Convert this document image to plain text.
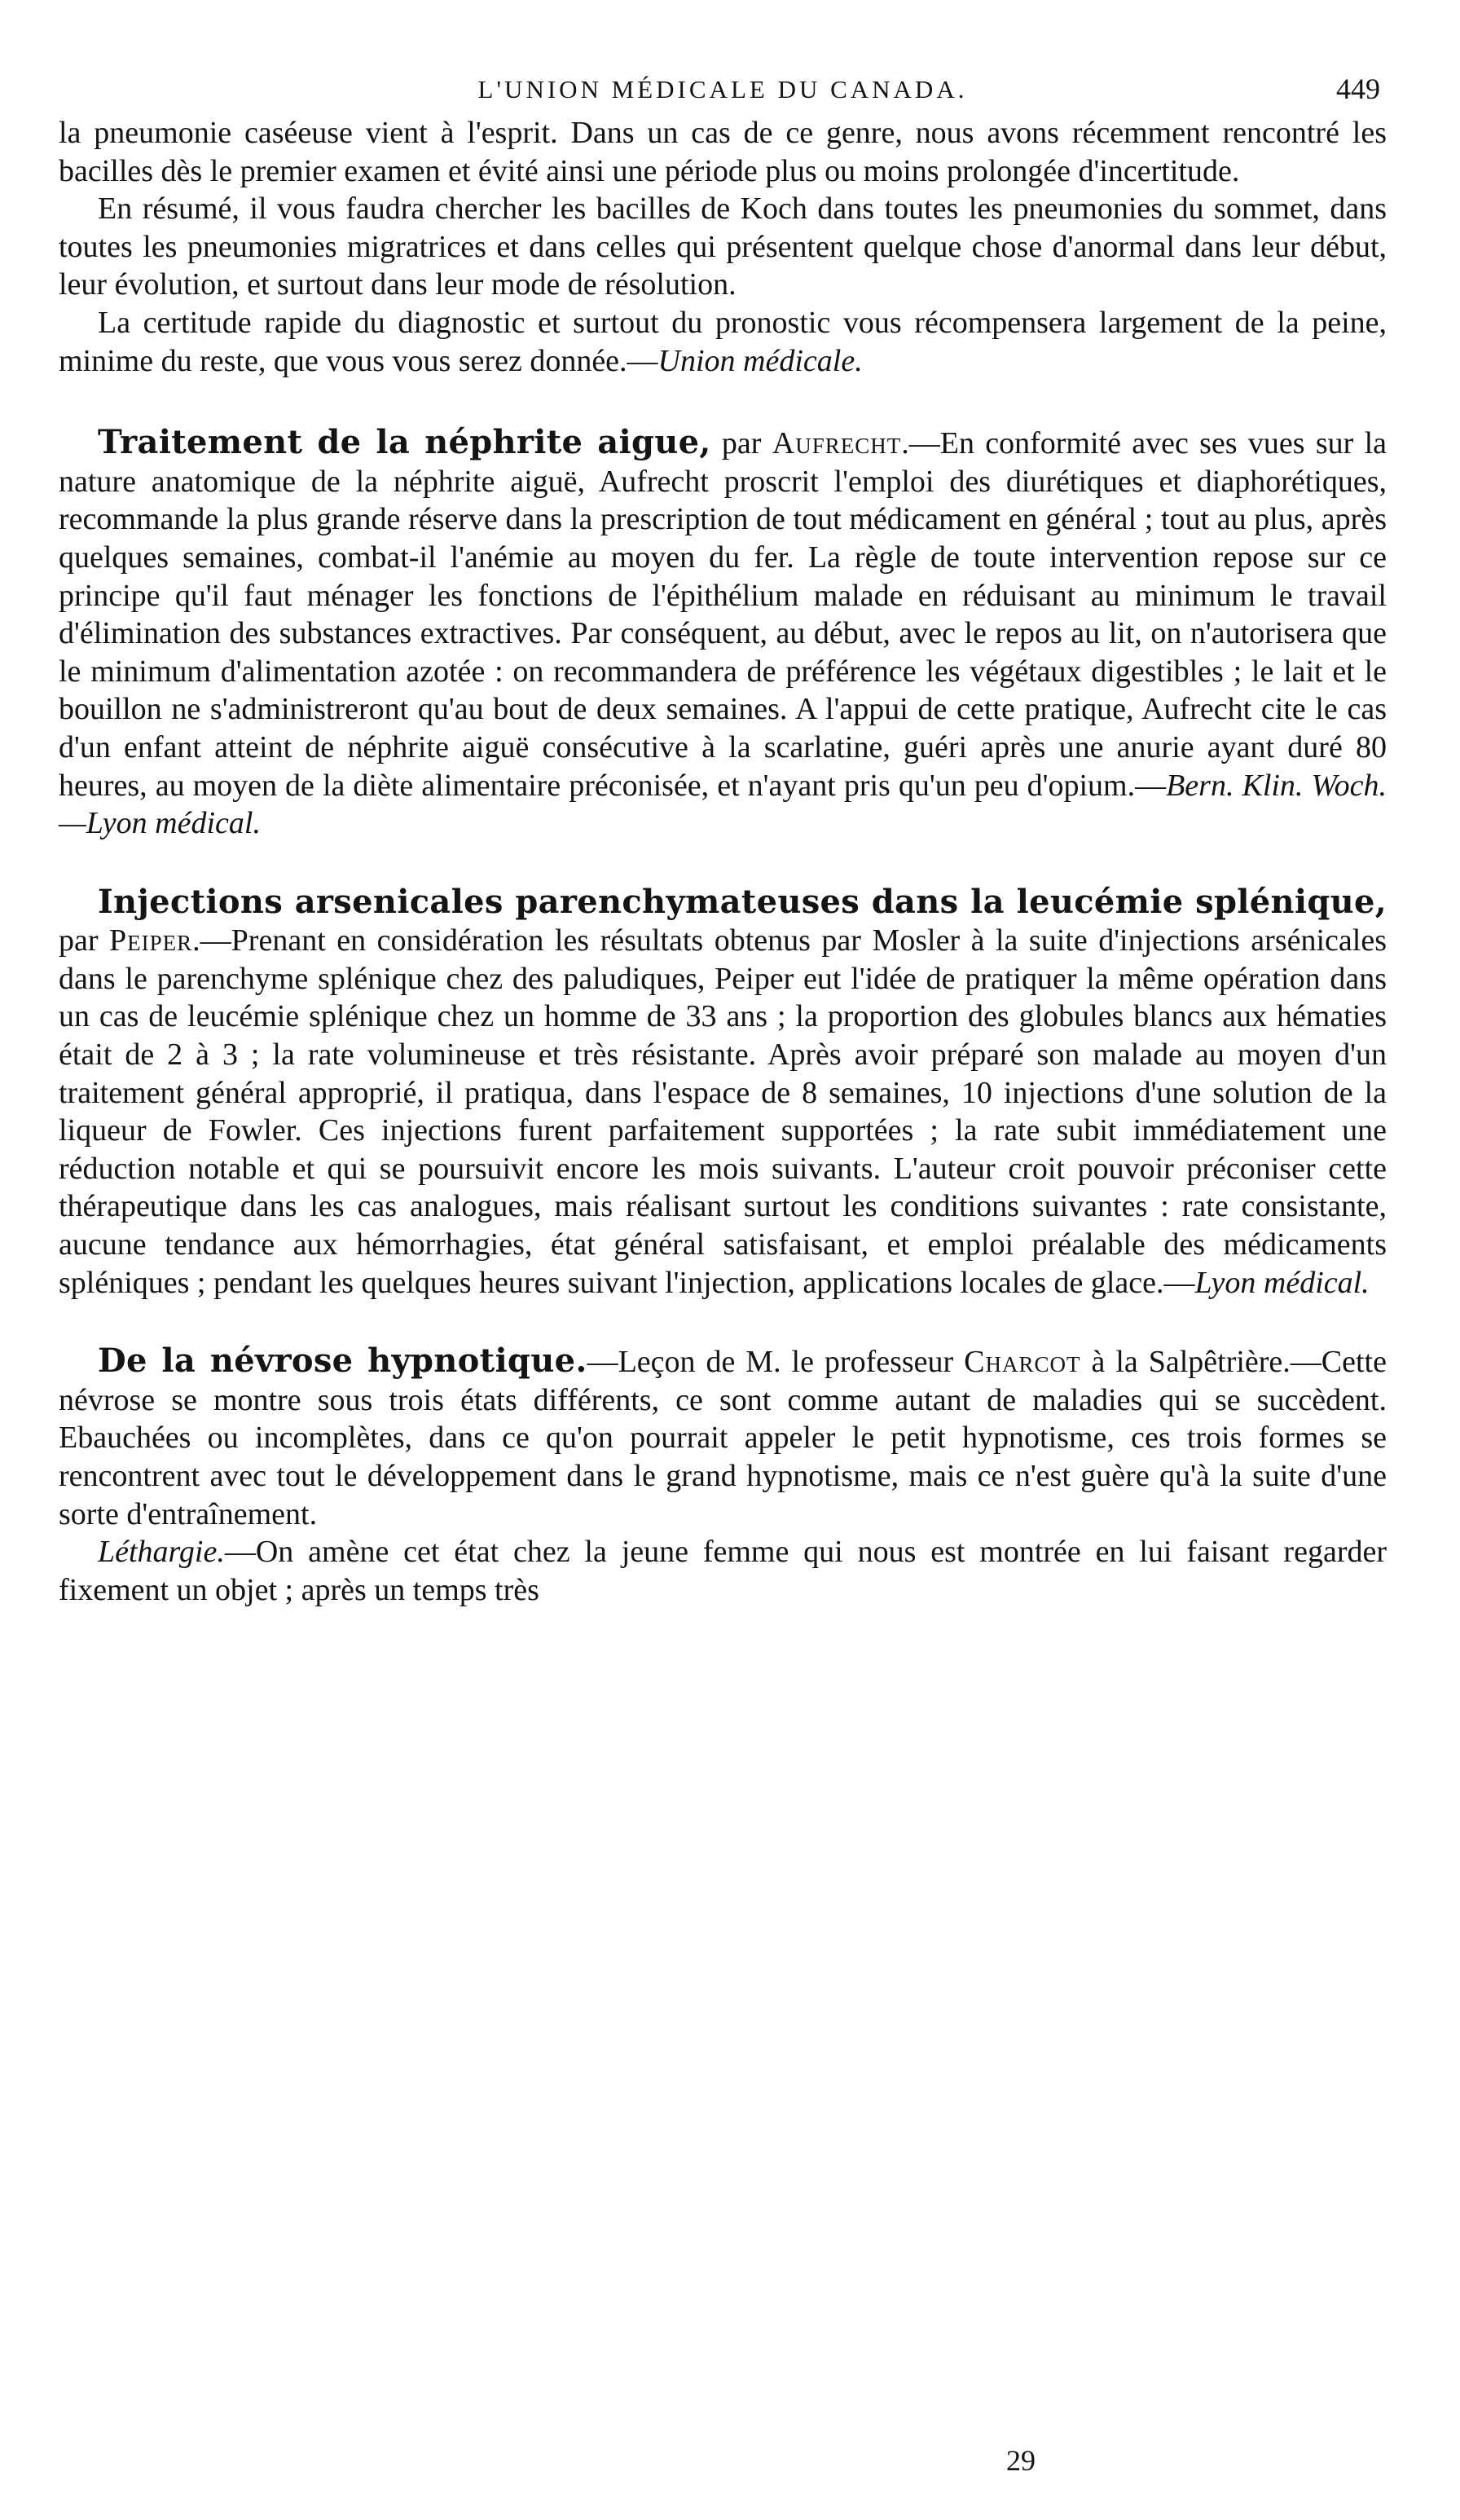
L'UNION MÉDICALE DU CANADA.	449

la pneumonie caséeuse vient à l'esprit. Dans un cas de ce genre, nous avons récemment rencontré les bacilles dès le premier examen et évité ainsi une période plus ou moins prolongée d'incertitude.

En résumé, il vous faudra chercher les bacilles de Koch dans toutes les pneumonies du sommet, dans toutes les pneumonies migratrices et dans celles qui présentent quelque chose d'anormal dans leur début, leur évolution, et surtout dans leur mode de résolution.

La certitude rapide du diagnostic et surtout du pronostic vous récompensera largement de la peine, minime du reste, que vous vous serez donnée.—Union médicale.

Traitement de la néphrite aigue, par Aufrecht.—En conformité avec ses vues sur la nature anatomique de la néphrite aiguë, Aufrecht proscrit l'emploi des diurétiques et diaphorétiques, recommande la plus grande réserve dans la prescription de tout médicament en général ; tout au plus, après quelques semaines, combat-il l'anémie au moyen du fer. La règle de toute intervention repose sur ce principe qu'il faut ménager les fonctions de l'épithélium malade en réduisant au minimum le travail d'élimination des substances extractives. Par conséquent, au début, avec le repos au lit, on n'autorisera que le minimum d'alimentation azotée : on recommandera de préférence les végétaux digestibles ; le lait et le bouillon ne s'administreront qu'au bout de deux semaines. A l'appui de cette pratique, Aufrecht cite le cas d'un enfant atteint de néphrite aiguë consécutive à la scarlatine, guéri après une anurie ayant duré 80 heures, au moyen de la diète alimentaire préconisée, et n'ayant pris qu'un peu d'opium.—Bern. Klin. Woch.—Lyon médical.

Injections arsenicales parenchymateuses dans la leucémie splénique, par Peiper.—Prenant en considération les résultats obtenus par Mosler à la suite d'injections arsénicales dans le parenchyme splénique chez des paludiques, Peiper eut l'idée de pratiquer la même opération dans un cas de leucémie splénique chez un homme de 33 ans ; la proportion des globules blancs aux hématies était de 2 à 3 ; la rate volumineuse et très résistante. Après avoir préparé son malade au moyen d'un traitement général approprié, il pratiqua, dans l'espace de 8 semaines, 10 injections d'une solution de la liqueur de Fowler. Ces injections furent parfaitement supportées ; la rate subit immédiatement une réduction notable et qui se poursuivit encore les mois suivants. L'auteur croit pouvoir préconiser cette thérapeutique dans les cas analogues, mais réalisant surtout les conditions suivantes : rate consistante, aucune tendance aux hémorrhagies, état général satisfaisant, et emploi préalable des médicaments spléniques ; pendant les quelques heures suivant l'injection, applications locales de glace.—Lyon médical.

De la névrose hypnotique.—Leçon de M. le professeur Charcot à la Salpêtrière.—Cette névrose se montre sous trois états différents, ce sont comme autant de maladies qui se succèdent. Ebauchées ou incomplètes, dans ce qu'on pourrait appeler le petit hypnotisme, ces trois formes se rencontrent avec tout le développement dans le grand hypnotisme, mais ce n'est guère qu'à la suite d'une sorte d'entraînement.

Léthargie.—On amène cet état chez la jeune femme qui nous est montrée en lui faisant regarder fixement un objet ; après un temps très

29
